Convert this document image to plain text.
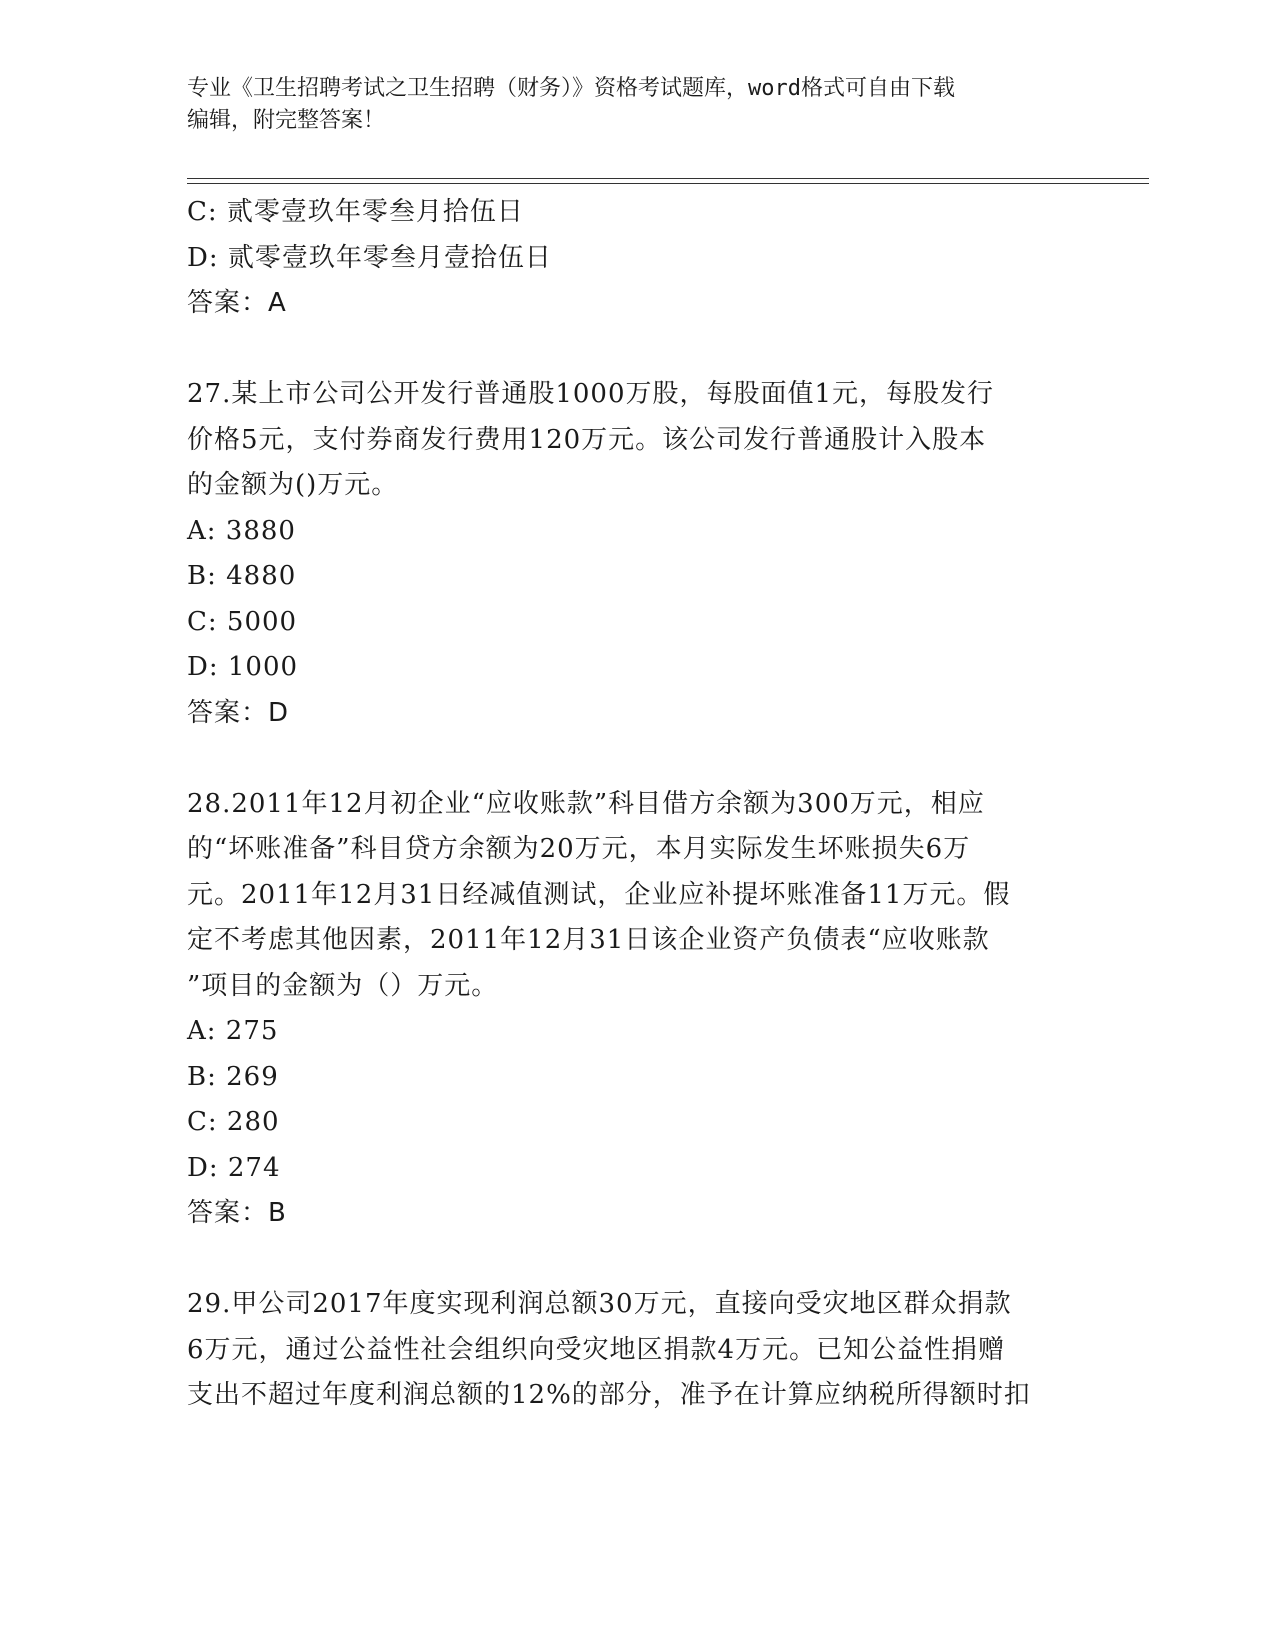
专业《卫生招聘考试之卫生招聘（财务）》资格考试题库，word格式可自由下载
编辑，附完整答案！
C: 贰零壹玖年零叁月拾伍日
D: 贰零壹玖年零叁月壹拾伍日
答案：A
27.某上市公司公开发行普通股1000万股，每股面值1元，每股发行
价格5元，支付券商发行费用120万元。该公司发行普通股计入股本
的金额为()万元。
A: 3880
B: 4880
C: 5000
D: 1000
答案：D
28.2011年12月初企业“应收账款”科目借方余额为300万元，相应
的“坏账准备”科目贷方余额为20万元，本月实际发生坏账损失6万
元。2011年12月31日经减值测试，企业应补提坏账准备11万元。假
定不考虑其他因素，2011年12月31日该企业资产负债表“应收账款
”项目的金额为（）万元。
A: 275
B: 269
C: 280
D: 274
答案：B
29.甲公司2017年度实现利润总额30万元，直接向受灾地区群众捐款
6万元，通过公益性社会组织向受灾地区捐款4万元。已知公益性捐赠
支出不超过年度利润总额的12%的部分，准予在计算应纳税所得额时扣
